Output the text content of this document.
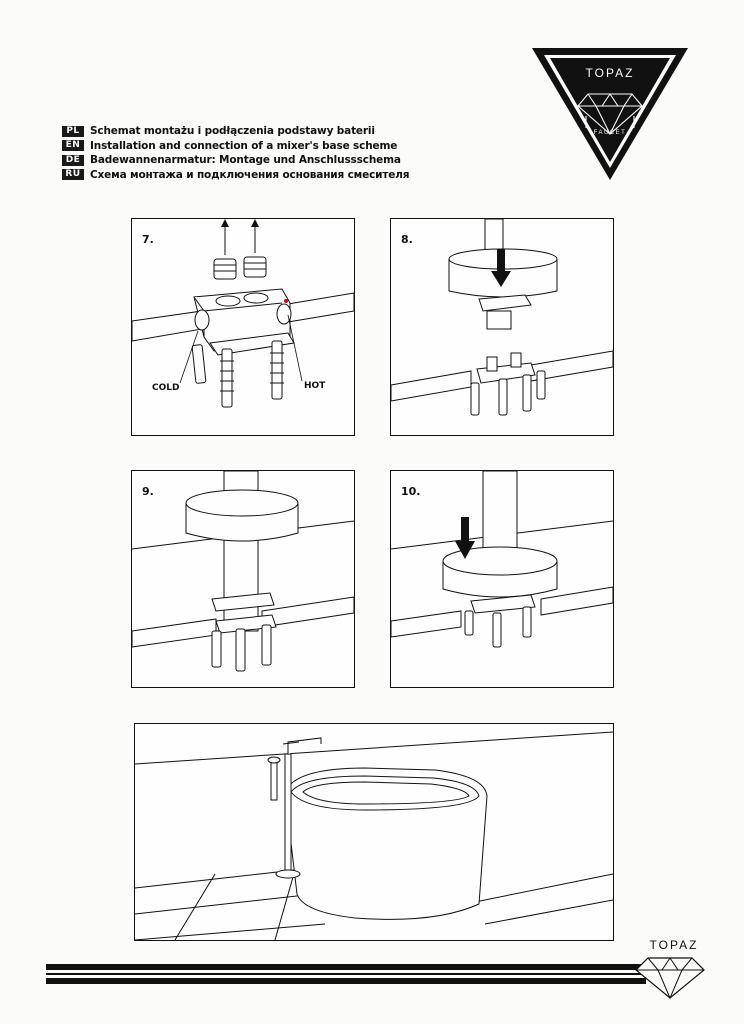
TOPAZ
FAUCET
PL Schemat montażu i podłączenia podstawy baterii
EN Installation and connection of a mixer's base scheme
DE Badewannenarmatur: Montage und Anschlussschema
RU Схема монтажа и подключения основания смесителя
7.
COLD	HOT
8.
9.	10.
TOPAZ
